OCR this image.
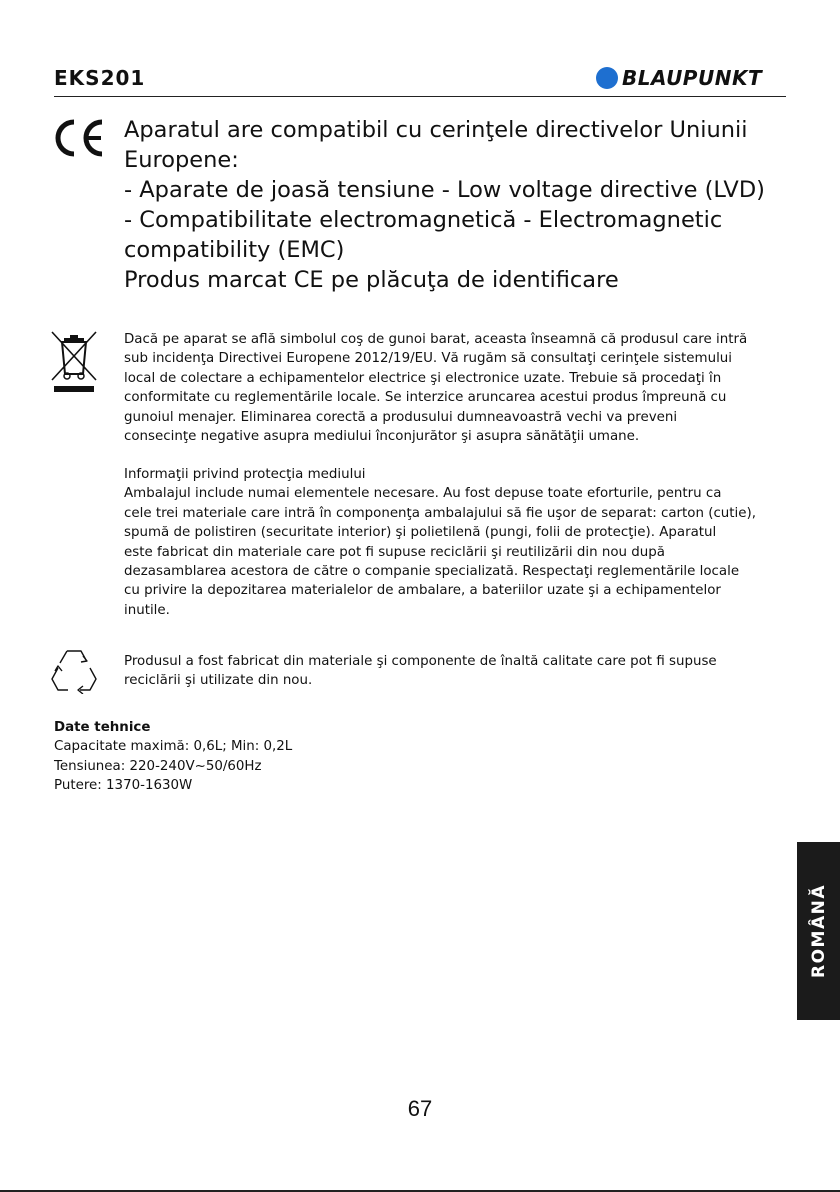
EKS201	BLAUPUNKT
Aparatul are compatibil cu cerinţele directivelor Uniunii
Europene:
- Aparate de joasă tensiune - Low voltage directive (LVD)
- Compatibilitate electromagnetică - Electromagnetic
compatibility (EMC)
Produs marcat CE pe plăcuţa de identificare
Dacă pe aparat se află simbolul coş de gunoi barat, aceasta înseamnă că produsul care intră
sub incidenţa Directivei Europene 2012/19/EU. Vă rugăm să consultaţi cerinţele sistemului
local de colectare a echipamentelor electrice şi electronice uzate. Trebuie să procedaţi în
conformitate cu reglementările locale. Se interzice aruncarea acestui produs împreună cu
gunoiul menajer. Eliminarea corectă a produsului dumneavoastră vechi va preveni
consecinţe negative asupra mediului înconjurător şi asupra sănătăţii umane.
Informaţii privind protecţia mediului
Ambalajul include numai elementele necesare. Au fost depuse toate eforturile, pentru ca
cele trei materiale care intră în componenţa ambalajului să fie uşor de separat: carton (cutie),
spumă de polistiren (securitate interior) şi polietilenă (pungi, folii de protecţie). Aparatul
este fabricat din materiale care pot fi supuse reciclării şi reutilizării din nou după
dezasamblarea acestora de către o companie specializată. Respectaţi reglementările locale
cu privire la depozitarea materialelor de ambalare, a bateriilor uzate şi a echipamentelor
inutile.
Produsul a fost fabricat din materiale şi componente de înaltă calitate care pot fi supuse
reciclării şi utilizate din nou.
Date tehnice
Capacitate maximă: 0,6L; Min: 0,2L
Tensiunea: 220-240V~50/60Hz
Putere: 1370-1630W
ROMÂNĂ
67
